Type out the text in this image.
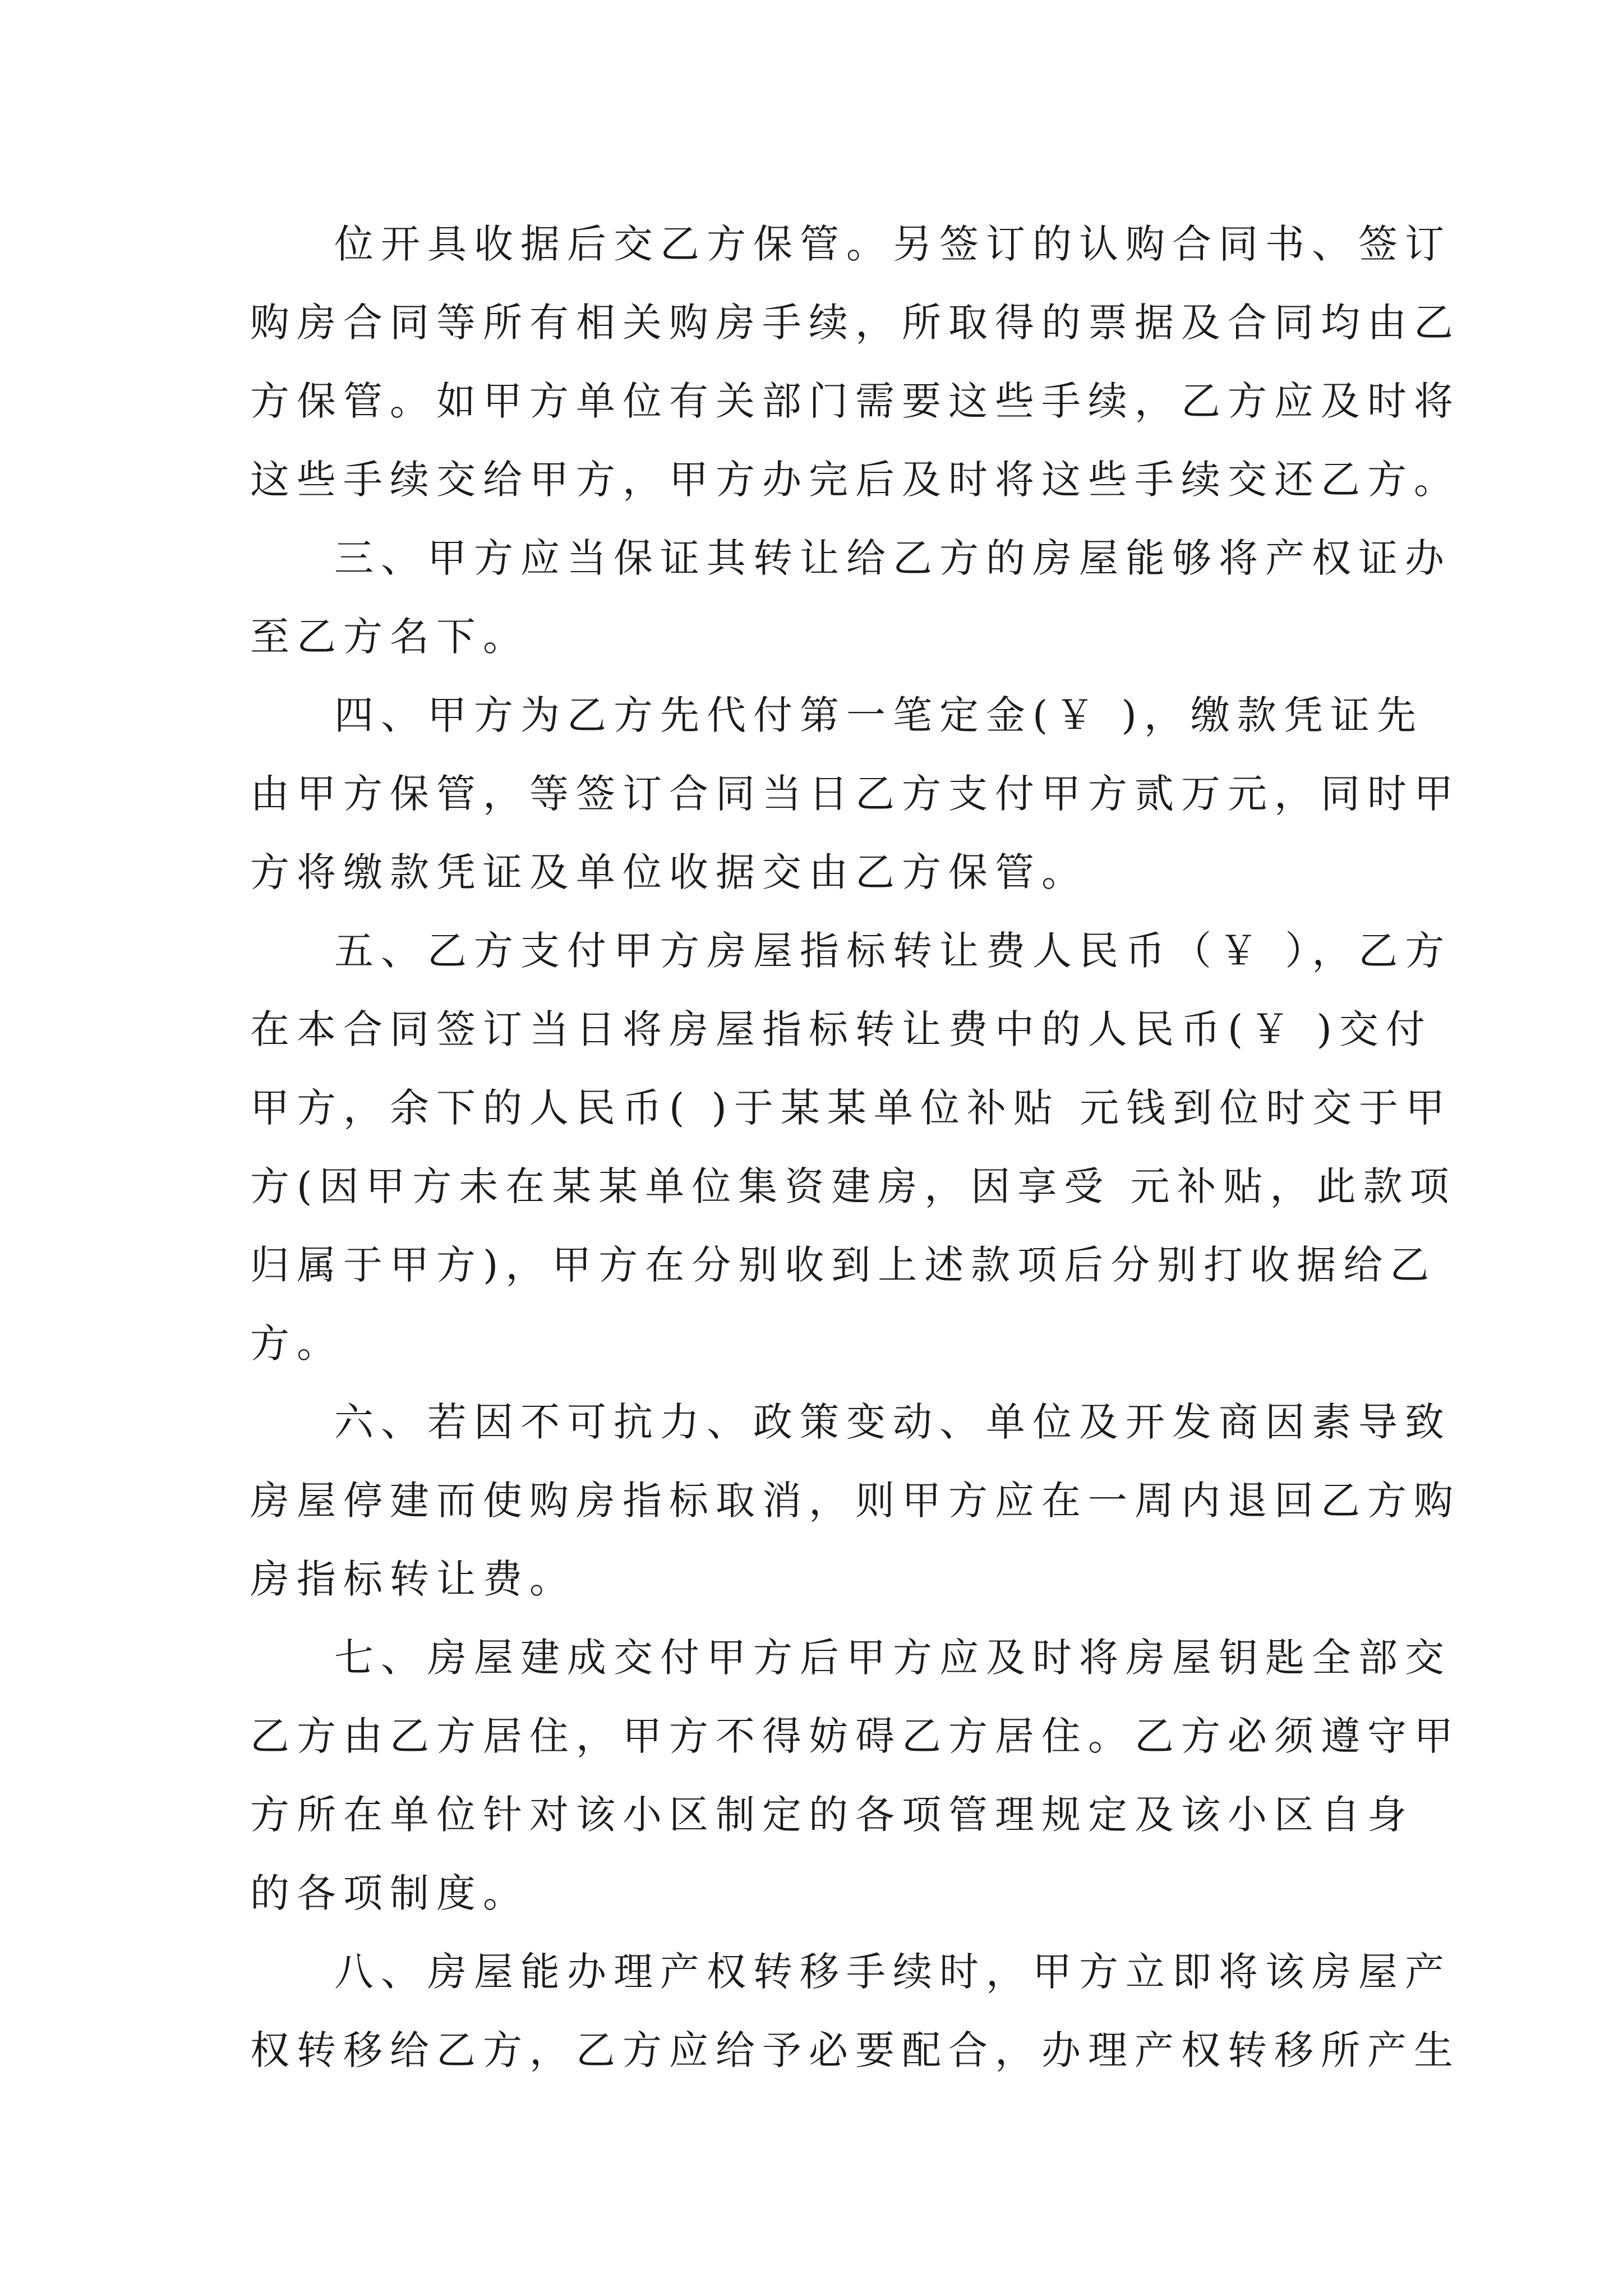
位开具收据后交乙方保管。另签订的认购合同书、签订
购房合同等所有相关购房手续，所取得的票据及合同均由乙
方保管。如甲方单位有关部门需要这些手续，乙方应及时将
这些手续交给甲方，甲方办完后及时将这些手续交还乙方。
三、甲方应当保证其转让给乙方的房屋能够将产权证办
至乙方名下。
四、甲方为乙方先代付第一笔定金(￥ )，缴款凭证先
由甲方保管，等签订合同当日乙方支付甲方贰万元，同时甲
方将缴款凭证及单位收据交由乙方保管。
五、乙方支付甲方房屋指标转让费人民币（￥ ），乙方
在本合同签订当日将房屋指标转让费中的人民币(￥ )交付
甲方，余下的人民币( )于某某单位补贴 元钱到位时交于甲
方(因甲方未在某某单位集资建房，因享受 元补贴，此款项
归属于甲方)，甲方在分别收到上述款项后分别打收据给乙
方。
六、若因不可抗力、政策变动、单位及开发商因素导致
房屋停建而使购房指标取消，则甲方应在一周内退回乙方购
房指标转让费。
七、房屋建成交付甲方后甲方应及时将房屋钥匙全部交
乙方由乙方居住，甲方不得妨碍乙方居住。乙方必须遵守甲
方所在单位针对该小区制定的各项管理规定及该小区自身
的各项制度。
八、房屋能办理产权转移手续时，甲方立即将该房屋产
权转移给乙方，乙方应给予必要配合，办理产权转移所产生
